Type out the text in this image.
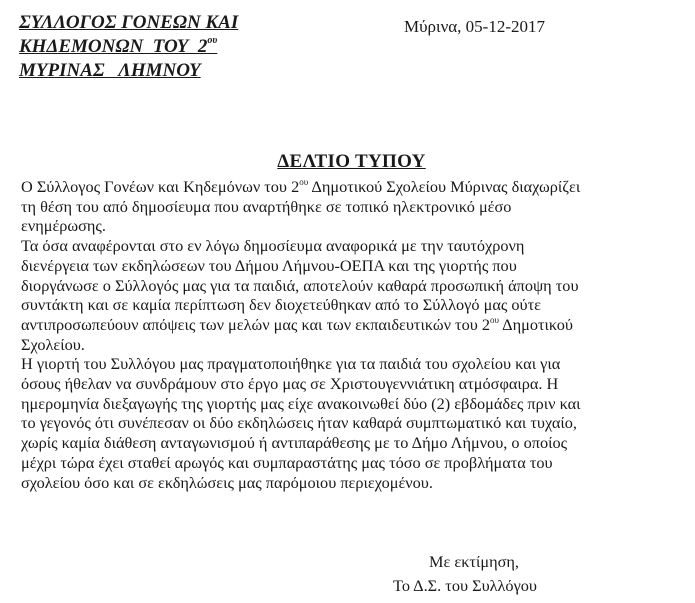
ΣΥΛΛΟΓΟΣ ΓΟΝΕΩΝ ΚΑΙ
ΚΗΔΕΜΟΝΩΝ  ΤΟΥ  $2^{o\upsilon}$
ΜΥΡΙΝΑΣ   ΛΗΜΝΟΥ
Μύρινα, 05-12-2017
ΔΕΛΤΙΟ ΤΥΠΟΥ
Ο Σύλλογος Γονέων και Κηδεμόνων του $2^{o\upsilon}$ Δημοτικού Σχολείου Μύρινας διαχωρίζει
τη θέση του από δημοσίευμα που αναρτήθηκε σε τοπικό ηλεκτρονικό μέσο
ενημέρωσης.
Τα όσα αναφέρονται στο εν λόγω δημοσίευμα αναφορικά με την ταυτόχρονη
διενέργεια των εκδηλώσεων του Δήμου Λήμνου-ΟΕΠΑ και της γιορτής που
διοργάνωσε ο Σύλλογός μας για τα παιδιά, αποτελούν καθαρά προσωπική άποψη του
συντάκτη και σε καμία περίπτωση δεν διοχετεύθηκαν από το Σύλλογό μας ούτε
αντιπροσωπεύουν απόψεις των μελών μας και των εκπαιδευτικών του $2^{o\upsilon}$ Δημοτικού
Σχολείου.
Η γιορτή του Συλλόγου μας πραγματοποιήθηκε για τα παιδιά του σχολείου και για
όσους ήθελαν να συνδράμουν στο έργο μας σε Χριστουγεννιάτικη ατμόσφαιρα. Η
ημερομηνία διεξαγωγής της γιορτής μας είχε ανακοινωθεί δύο (2) εβδομάδες πριν και
το γεγονός ότι συνέπεσαν οι δύο εκδηλώσεις ήταν καθαρά συμπτωματικό και τυχαίο,
χωρίς καμία διάθεση ανταγωνισμού ή αντιπαράθεσης με το Δήμο Λήμνου, ο οποίος
μέχρι τώρα έχει σταθεί αρωγός και συμπαραστάτης μας τόσο σε προβλήματα του
σχολείου όσο και σε εκδηλώσεις μας παρόμοιου περιεχομένου.
Με εκτίμηση,
Το Δ.Σ. του Συλλόγου
